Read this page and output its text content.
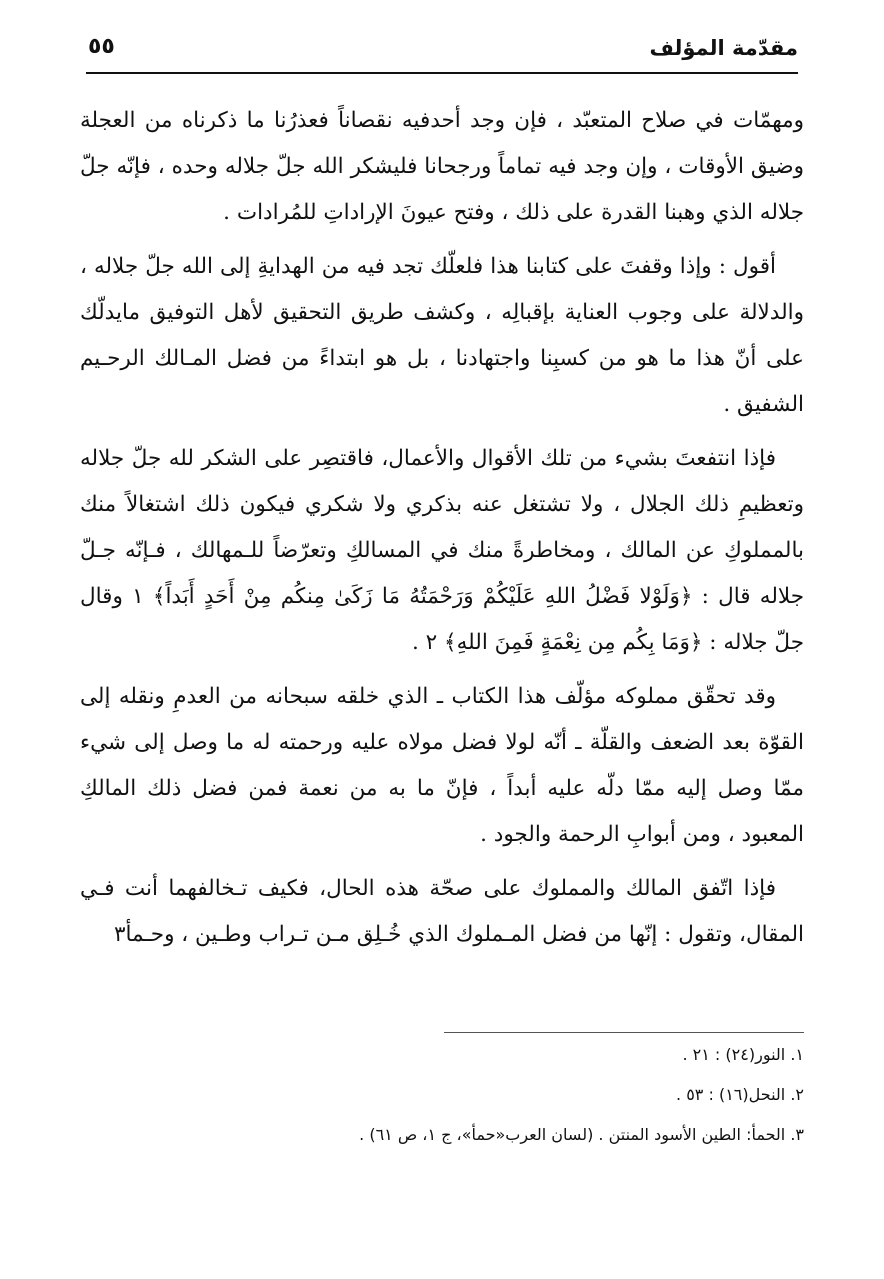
مقدّمة المؤلف
٥٥

ومهمّات في صلاح المتعبّد ، فإن وجد أحدفيه نقصاناً فعذرُنا ما ذكرناه من العجلة وضيق الأوقات ، وإن وجد فيه تماماً ورجحانا فليشكر الله جلّ جلاله وحده ، فإنّه جلّ جلاله الذي وهبنا القدرة على ذلك ، وفتح عيونَ الإراداتِ للمُرادات .

أقول : وإذا وقفتَ على كتابنا هذا فلعلّك تجد فيه من الهدايةِ إلى الله جلّ جلاله ، والدلالة على وجوب العناية بإقبالِه ، وكشف طريق التحقيق لأهل التوفيق مايدلّك على أنّ هذا ما هو من كسبِنا واجتهادنا ، بل هو ابتداءً من فضل المـالك الرحـيم الشفيق .

فإذا انتفعتَ بشيء من تلك الأقوال والأعمال، فاقتصِر على الشكر لله جلّ جلاله وتعظيمِ ذلك الجلال ، ولا تشتغل عنه بذكري ولا شكري فيكون ذلك اشتغالاً منك بالمملوكِ عن المالك ، ومخاطرةً منك في المسالكِ وتعرّضاً للـمهالك ، فـإنّه جـلّ جلاله قال : ﴿وَلَوْلا فَضْلُ اللهِ عَلَيْكُمْ وَرَحْمَتُهُ مَا زَكَىٰ مِنكُم مِنْ أَحَدٍ أَبَداً﴾ ١ وقال جلّ جلاله : ﴿وَمَا بِكُم مِن نِعْمَةٍ فَمِنَ اللهِ﴾ ٢ .

وقد تحقّق مملوكه مؤلّف هذا الكتاب ـ الذي خلقه سبحانه من العدمِ ونقله إلى القوّة بعد الضعف والقلّة ـ أنّه لولا فضل مولاه عليه ورحمته له ما وصل إلى شيء ممّا وصل إليه ممّا دلّه عليه أبداً ، فإنّ ما به من نعمة فمن فضل ذلك المالكِ المعبود ، ومن أبوابِ الرحمة والجود .

فإذا اتّفق المالك والمملوك على صحّة هذه الحال، فكيف تـخالفهما أنت فـي المقال، وتقول : إنّها من فضل المـملوك الذي خُـلِق مـن تـراب وطـين ، وحـمأ٣

١. النور(٢٤) : ٢١ .
٢. النحل(١٦) : ٥٣ .
٣. الحمأ: الطين الأسود المنتن . (لسان العرب«حمأ»، ج ١، ص ٦١) .
